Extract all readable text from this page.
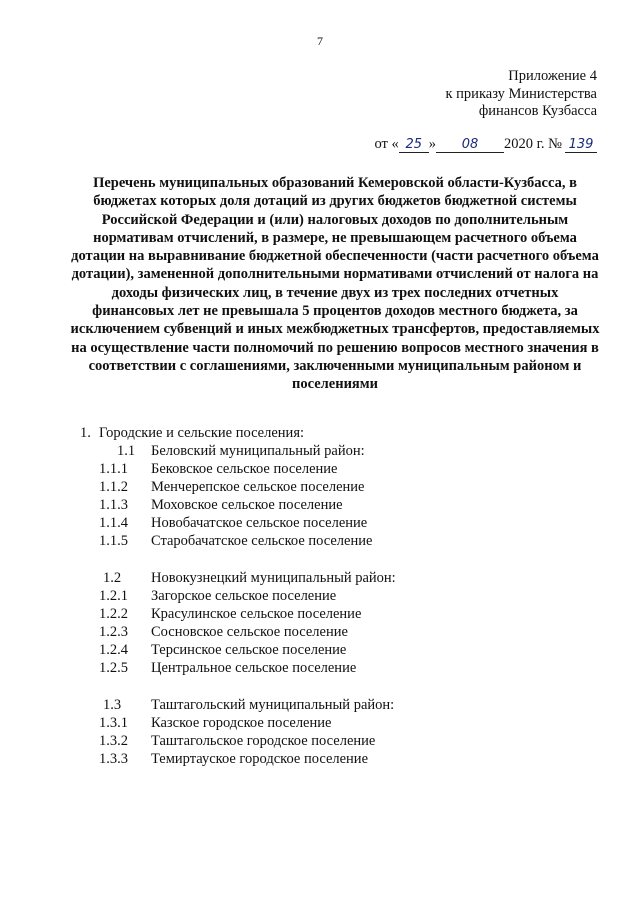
7
Приложение 4
к приказу Министерства
финансов Кузбасса
от « 25 »	08	2020 г. № 139
Перечень муниципальных образований Кемеровской области-Кузбасса, в бюджетах которых доля дотаций из других бюджетов бюджетной системы Российской Федерации и (или) налоговых доходов по дополнительным нормативам отчислений, в размере, не превышающем расчетного объема дотации на выравнивание бюджетной обеспеченности (части расчетного объема дотации), замененной дополнительными нормативами отчислений от налога на доходы физических лиц, в течение двух из трех последних отчетных финансовых лет не превышала 5 процентов доходов местного бюджета, за исключением субвенций и иных межбюджетных трансфертов, предоставляемых на осуществление части полномочий по решению вопросов местного значения в соответствии с соглашениями, заключенными муниципальным районом и поселениями
1. Городские и сельские поселения:
1.1 Беловский муниципальный район:
1.1.1 Бековское сельское поселение
1.1.2 Менчерепское сельское поселение
1.1.3 Моховское сельское поселение
1.1.4 Новобачатское сельское поселение
1.1.5 Старобачатское сельское поселение
1.2 Новокузнецкий муниципальный район:
1.2.1 Загорское сельское поселение
1.2.2 Красулинское сельское поселение
1.2.3 Сосновское сельское поселение
1.2.4 Терсинское сельское поселение
1.2.5 Центральное сельское поселение
1.3 Таштагольский муниципальный район:
1.3.1 Казское городское поселение
1.3.2 Таштагольское городское поселение
1.3.3 Темиртауское городское поселение
